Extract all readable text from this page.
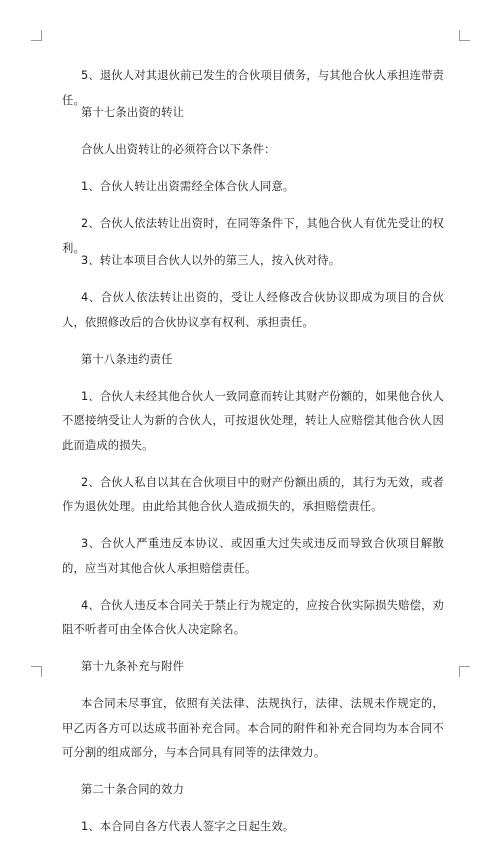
5、退伙人对其退伙前已发生的合伙项目债务，与其他合伙人承担连带责任。

第十七条出资的转让

合伙人出资转让的必须符合以下条件：

1、合伙人转让出资需经全体合伙人同意。

2、合伙人依法转让出资时，在同等条件下，其他合伙人有优先受让的权利。

3、转让本项目合伙人以外的第三人，按入伙对待。

4、合伙人依法转让出资的，受让人经修改合伙协议即成为项目的合伙人，依照修改后的合伙协议享有权利、承担责任。

第十八条违约责任

1、合伙人未经其他合伙人一致同意而转让其财产份额的，如果他合伙人不愿接纳受让人为新的合伙人，可按退伙处理，转让人应赔偿其他合伙人因此而造成的损失。

2、合伙人私自以其在合伙项目中的财产份额出质的，其行为无效，或者作为退伙处理。由此给其他合伙人造成损失的，承担赔偿责任。

3、合伙人严重违反本协议、或因重大过失或违反而导致合伙项目解散的，应当对其他合伙人承担赔偿责任。

4、合伙人违反本合同关于禁止行为规定的，应按合伙实际损失赔偿，劝阻不听者可由全体合伙人决定除名。

第十九条补充与附件

本合同未尽事宜，依照有关法律、法规执行，法律、法规未作规定的，甲乙丙各方可以达成书面补充合同。本合同的附件和补充合同均为本合同不可分割的组成部分，与本合同具有同等的法律效力。

第二十条合同的效力

1、本合同自各方代表人签字之日起生效。
